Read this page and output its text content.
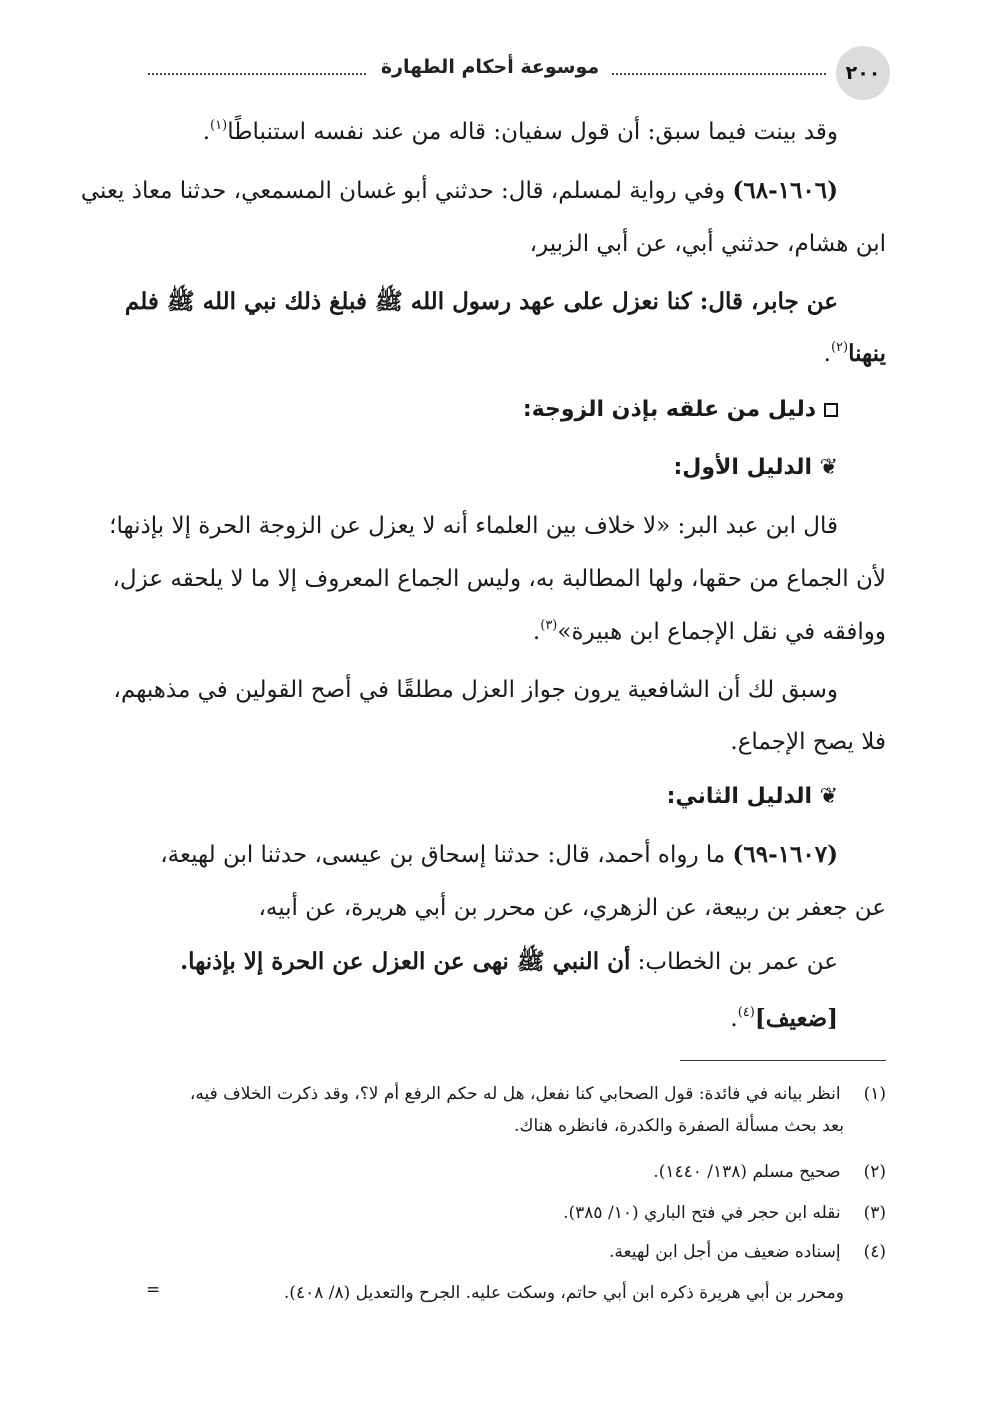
٢٠٠
موسوعة أحكام الطهارة
وقد بينت فيما سبق: أن قول سفيان: قاله من عند نفسه استنباطًا$^{(١)}$.
(١٦٠٦-٦٨) وفي رواية لمسلم، قال: حدثني أبو غسان المسمعي، حدثنا معاذ يعني
ابن هشام، حدثني أبي، عن أبي الزبير،
عن جابر، قال: كنا نعزل على عهد رسول الله ﷺ فبلغ ذلك نبي الله ﷺ فلم
ينهنا$^{(٢)}$.
دليل من علقه بإذن الزوجة:
❦الدليل الأول:
قال ابن عبد البر: «لا خلاف بين العلماء أنه لا يعزل عن الزوجة الحرة إلا بإذنها؛
لأن الجماع من حقها، ولها المطالبة به، وليس الجماع المعروف إلا ما لا يلحقه عزل،
ووافقه في نقل الإجماع ابن هبيرة»$^{(٣)}$.
وسبق لك أن الشافعية يرون جواز العزل مطلقًا في أصح القولين في مذهبهم،
فلا يصح الإجماع.
❦الدليل الثاني:
(١٦٠٧-٦٩) ما رواه أحمد، قال: حدثنا إسحاق بن عيسى، حدثنا ابن لهيعة،
عن جعفر بن ربيعة، عن الزهري، عن محرر بن أبي هريرة، عن أبيه،
عن عمر بن الخطاب: أن النبي ﷺ نهى عن العزل عن الحرة إلا بإذنها.
[ضعيف]$^{(٤)}$.
(١) انظر بيانه في فائدة: قول الصحابي كنا نفعل، هل له حكم الرفع أم لا؟، وقد ذكرت الخلاف فيه،
بعد بحث مسألة الصفرة والكدرة، فانظره هناك.
(٢) صحيح مسلم (١٣٨/ ١٤٤٠).
(٣) نقله ابن حجر في فتح الباري (١٠/ ٣٨٥).
(٤) إسناده ضعيف من أجل ابن لهيعة.
ومحرر بن أبي هريرة ذكره ابن أبي حاتم، وسكت عليه. الجرح والتعديل (٨/ ٤٠٨).
=
